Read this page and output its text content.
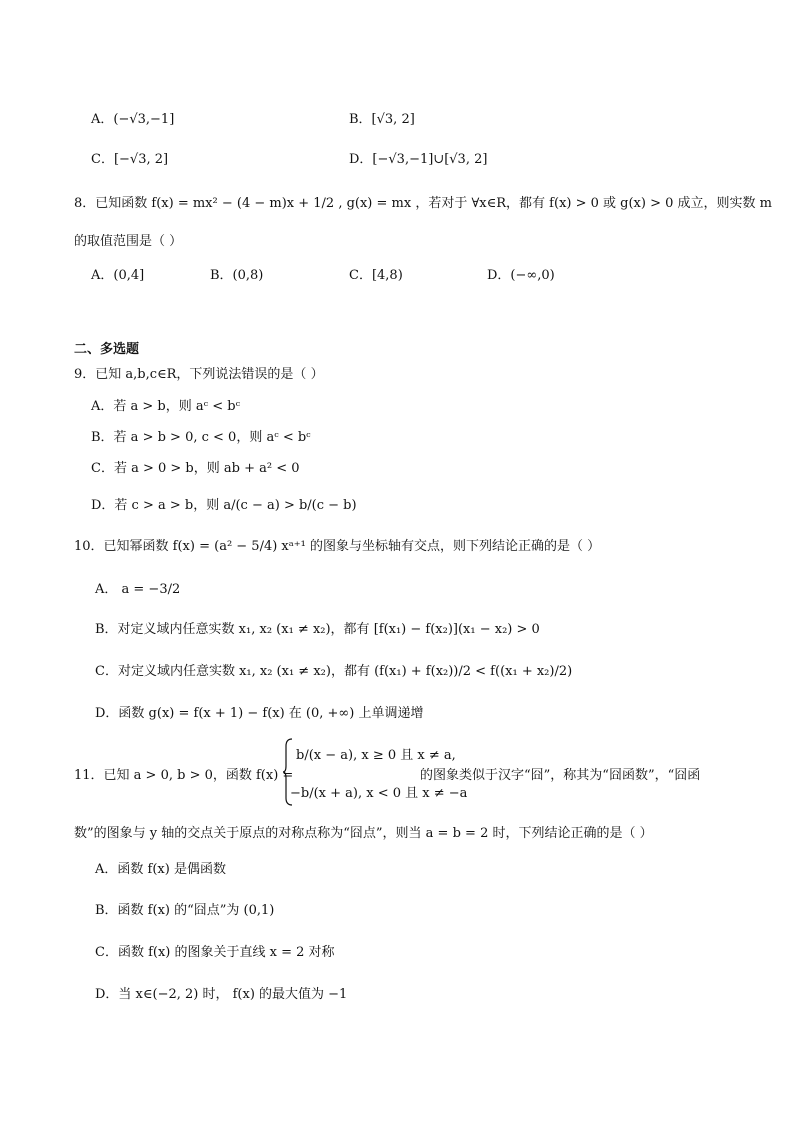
A．(−√3,−1]	B．[√3, 2]
C．[−√3, 2]	D．[−√3,−1]∪[√3, 2]
8．已知函数 f(x) = mx² − (4 − m)x + 1/2 , g(x) = mx ，若对于 ∀x∈R，都有 f(x) > 0 或 g(x) > 0 成立，则实数 m
的取值范围是（ ）
A．(0,4]	B．(0,8)	C．[4,8)	D．(−∞,0)
二、多选题
9．已知 a,b,c∈R，下列说法错误的是（ ）
A．若 a > b，则 aᶜ < bᶜ
B．若 a > b > 0, c < 0，则 aᶜ < bᶜ
C．若 a > 0 > b，则 ab + a² < 0
D．若 c > a > b，则 a/(c − a) > b/(c − b)
10．已知幂函数 f(x) = (a² − 5/4) xᵃ⁺¹ 的图象与坐标轴有交点，则下列结论正确的是（ ）
A． a = −3/2
B．对定义域内任意实数 x₁, x₂ (x₁ ≠ x₂)，都有 [f(x₁) − f(x₂)](x₁ − x₂) > 0
C．对定义域内任意实数 x₁, x₂ (x₁ ≠ x₂)，都有 (f(x₁) + f(x₂))/2 < f((x₁ + x₂)/2)
D．函数 g(x) = f(x + 1) − f(x) 在 (0, +∞) 上单调递增
11．已知 a > 0, b > 0，函数 f(x) =
b/(x − a), x ≥ 0 且 x ≠ a,
−b/(x + a), x < 0 且 x ≠ −a
的图象类似于汉字“囧”，称其为“囧函数”，“囧函
数”的图象与 y 轴的交点关于原点的对称点称为“囧点”，则当 a = b = 2 时，下列结论正确的是（ ）
A．函数 f(x) 是偶函数
B．函数 f(x) 的“囧点”为 (0,1)
C．函数 f(x) 的图象关于直线 x = 2 对称
D．当 x∈(−2, 2) 时， f(x) 的最大值为 −1
